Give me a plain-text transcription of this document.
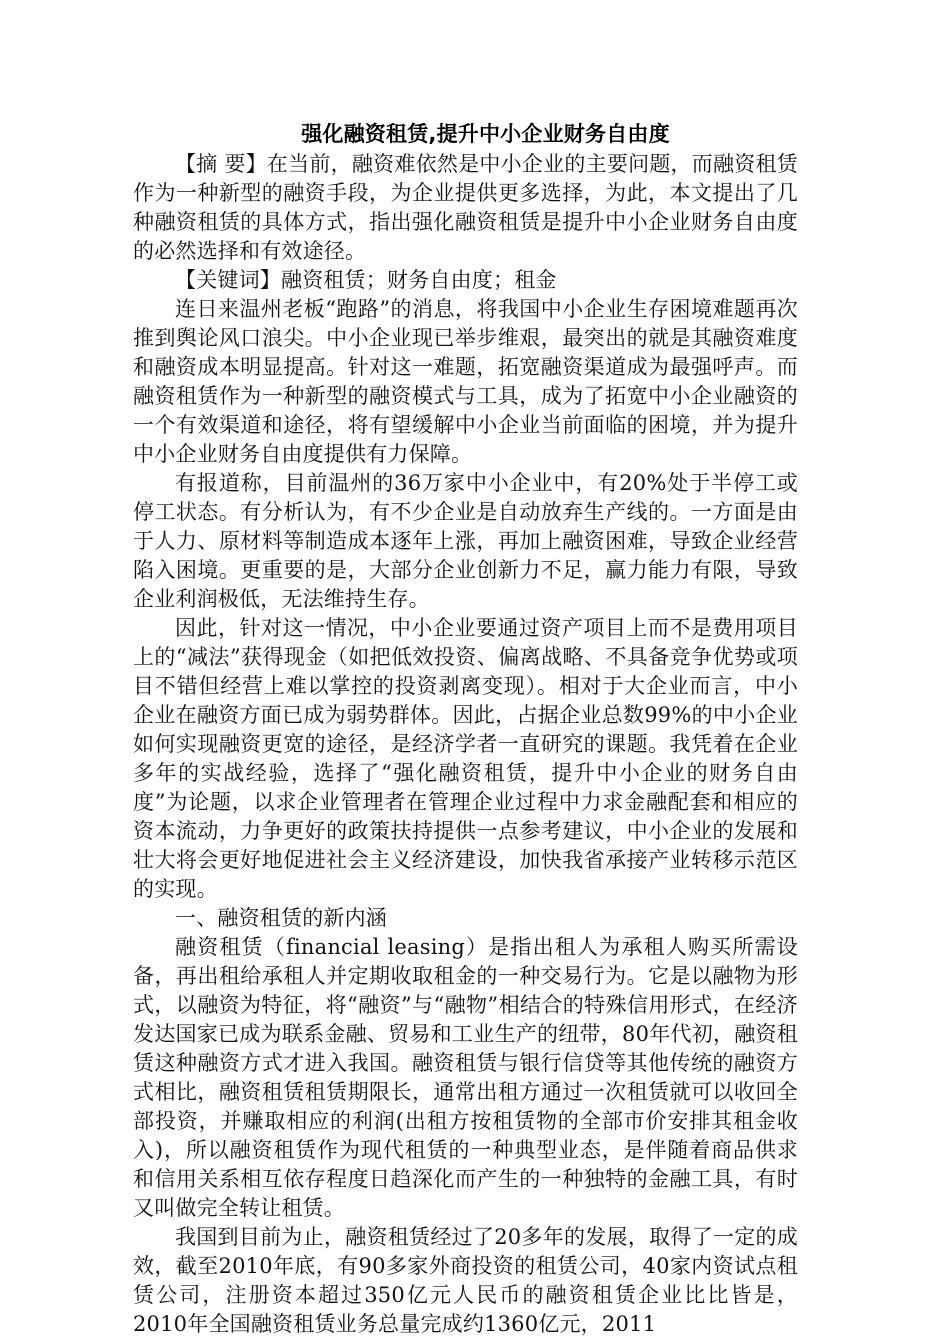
强化融资租赁,提升中小企业财务自由度

【摘 要】在当前，融资难依然是中小企业的主要问题，而融资租赁作为一种新型的融资手段，为企业提供更多选择，为此，本文提出了几种融资租赁的具体方式，指出强化融资租赁是提升中小企业财务自由度的必然选择和有效途径。

【关键词】融资租赁；财务自由度；租金

连日来温州老板“跑路”的消息，将我国中小企业生存困境难题再次推到舆论风口浪尖。中小企业现已举步维艰，最突出的就是其融资难度和融资成本明显提高。针对这一难题，拓宽融资渠道成为最强呼声。而融资租赁作为一种新型的融资模式与工具，成为了拓宽中小企业融资的一个有效渠道和途径，将有望缓解中小企业当前面临的困境，并为提升中小企业财务自由度提供有力保障。

有报道称，目前温州的36万家中小企业中，有20%处于半停工或停工状态。有分析认为，有不少企业是自动放弃生产线的。一方面是由于人力、原材料等制造成本逐年上涨，再加上融资困难，导致企业经营陷入困境。更重要的是，大部分企业创新力不足，赢力能力有限，导致企业利润极低，无法维持生存。

因此，针对这一情况，中小企业要通过资产项目上而不是费用项目上的“减法”获得现金（如把低效投资、偏离战略、不具备竞争优势或项目不错但经营上难以掌控的投资剥离变现）。相对于大企业而言，中小企业在融资方面已成为弱势群体。因此，占据企业总数99%的中小企业如何实现融资更宽的途径，是经济学者一直研究的课题。我凭着在企业多年的实战经验，选择了“强化融资租赁，提升中小企业的财务自由度”为论题，以求企业管理者在管理企业过程中力求金融配套和相应的资本流动，力争更好的政策扶持提供一点参考建议，中小企业的发展和壮大将会更好地促进社会主义经济建设，加快我省承接产业转移示范区的实现。

一、融资租赁的新内涵

融资租赁（financial leasing）是指出租人为承租人购买所需设备，再出租给承租人并定期收取租金的一种交易行为。它是以融物为形式，以融资为特征，将“融资”与“融物”相结合的特殊信用形式，在经济发达国家已成为联系金融、贸易和工业生产的纽带，80年代初，融资租赁这种融资方式才进入我国。融资租赁与银行信贷等其他传统的融资方式相比，融资租赁租赁期限长，通常出租方通过一次租赁就可以收回全部投资，并赚取相应的利润(出租方按租赁物的全部市价安排其租金收入)，所以融资租赁作为现代租赁的一种典型业态，是伴随着商品供求和信用关系相互依存程度日趋深化而产生的一种独特的金融工具，有时又叫做完全转让租赁。

我国到目前为止，融资租赁经过了20多年的发展，取得了一定的成效，截至2010年底，有90多家外商投资的租赁公司，40家内资试点租赁公司，注册资本超过350亿元人民币的融资租赁企业比比皆是，2010年全国融资租赁业务总量完成约1360亿元，2011
